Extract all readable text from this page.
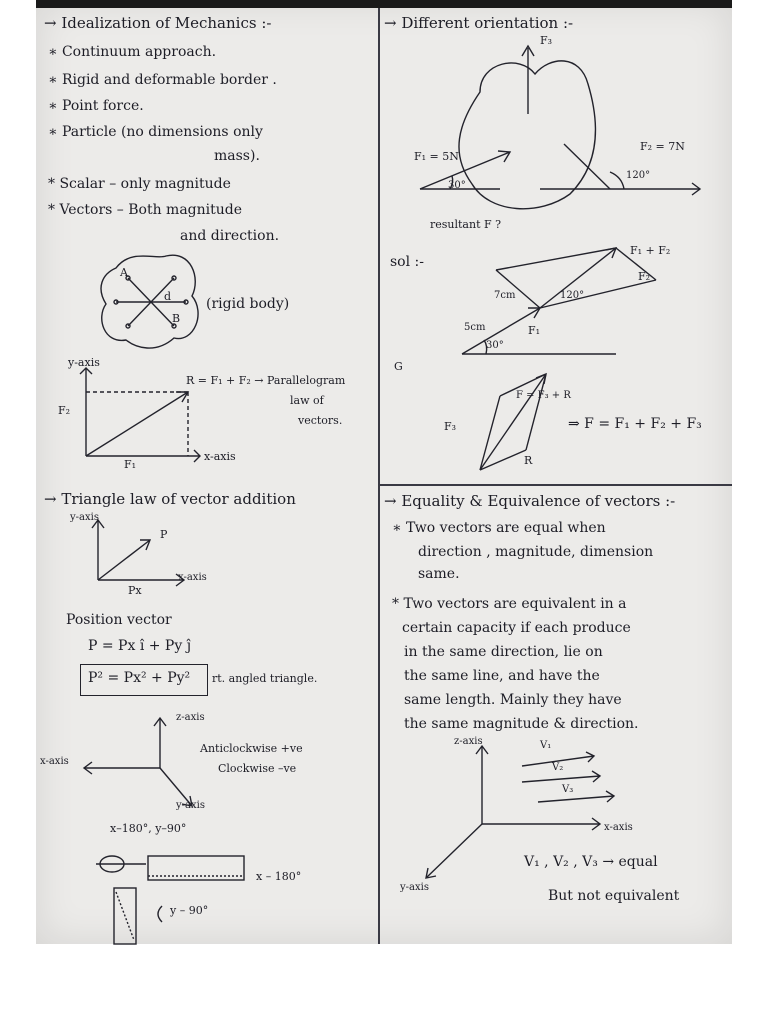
→ Idealization of Mechanics :-
∗ Continuum approach.
∗ Rigid and deformable border .
∗ Point force.
∗ Particle (no dimensions only
mass).
* Scalar – only magnitude
* Vectors – Both magnitude
and direction.
A
B
d (rigid body)
y-axis
x-axis
F₁
F₂
R = F₁ + F₂ → Parallelogram
law of
vectors.
→ Different orientation :-
F₃
F₁ = 5N
F₂ = 7N
30°
120°
resultant F ?
sol :-
F₁ + F₂
F₂
7cm
5cm	F₁
30°
120°
G
F₃
F = F₃ + R
R
⇒ F = F₁ + F₂ + F₃
→ Triangle law of vector addition
y-axis
x-axis
P
Px
Position vector
P = Px î + Py ĵ
P² = Px² + Py² rt. angled triangle.
z-axis
x-axis
y-axis
Anticlockwise +ve
Clockwise –ve
x–180°, y–90°
x – 180°
y – 90°
→ Equality & Equivalence of vectors :-
∗ Two vectors are equal when
direction , magnitude, dimension
same.
* Two vectors are equivalent in a
certain capacity if each produce
in the same direction, lie on
the same line, and have the
same length. Mainly they have
the same magnitude & direction.
z-axis
x-axis
y-axis
V₁
V₂
V₃
V₁ , V₂ , V₃ → equal
But not equivalent
